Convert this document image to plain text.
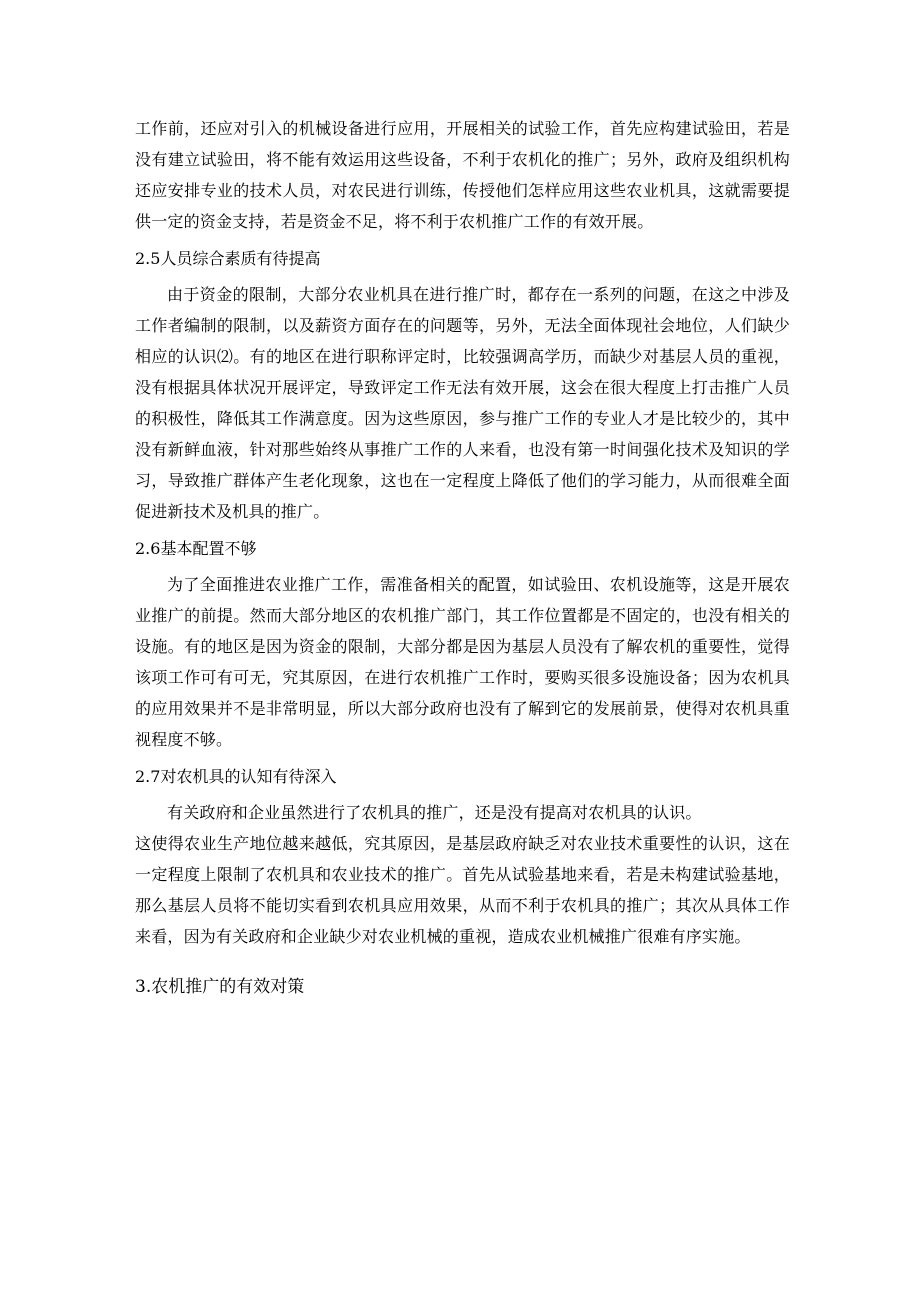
工作前，还应对引入的机械设备进行应用，开展相关的试验工作，首先应构建试验田，若是没有建立试验田，将不能有效运用这些设备，不利于农机化的推广；另外，政府及组织机构还应安排专业的技术人员，对农民进行训练，传授他们怎样应用这些农业机具，这就需要提供一定的资金支持，若是资金不足，将不利于农机推广工作的有效开展。

2.5人员综合素质有待提高

由于资金的限制，大部分农业机具在进行推广时，都存在一系列的问题，在这之中涉及工作者编制的限制，以及薪资方面存在的问题等，另外，无法全面体现社会地位，人们缺少相应的认识⑵。有的地区在进行职称评定时，比较强调高学历，而缺少对基层人员的重视，没有根据具体状况开展评定，导致评定工作无法有效开展，这会在很大程度上打击推广人员的积极性，降低其工作满意度。因为这些原因，参与推广工作的专业人才是比较少的，其中没有新鲜血液，针对那些始终从事推广工作的人来看，也没有第一时间强化技术及知识的学习，导致推广群体产生老化现象，这也在一定程度上降低了他们的学习能力，从而很难全面促进新技术及机具的推广。

2.6基本配置不够

为了全面推进农业推广工作，需准备相关的配置，如试验田、农机设施等，这是开展农业推广的前提。然而大部分地区的农机推广部门，其工作位置都是不固定的，也没有相关的设施。有的地区是因为资金的限制，大部分都是因为基层人员没有了解农机的重要性，觉得该项工作可有可无，究其原因，在进行农机推广工作时，要购买很多设施设备；因为农机具的应用效果并不是非常明显，所以大部分政府也没有了解到它的发展前景，使得对农机具重视程度不够。

2.7对农机具的认知有待深入

有关政府和企业虽然进行了农机具的推广，还是没有提高对农机具的认识。

这使得农业生产地位越来越低，究其原因，是基层政府缺乏对农业技术重要性的认识，这在一定程度上限制了农机具和农业技术的推广。首先从试验基地来看，若是未构建试验基地，那么基层人员将不能切实看到农机具应用效果，从而不利于农机具的推广；其次从具体工作来看，因为有关政府和企业缺少对农业机械的重视，造成农业机械推广很难有序实施。

3.农机推广的有效对策
